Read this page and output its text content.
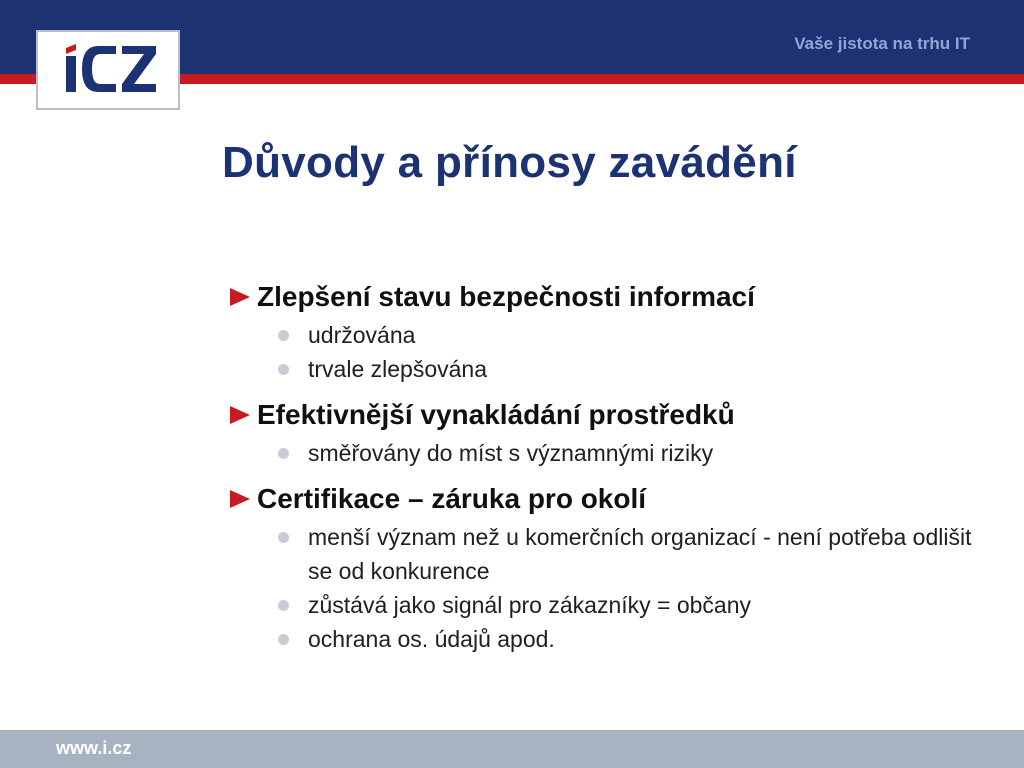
Vaše jistota na trhu IT
Důvody a přínosy zavádění
Zlepšení stavu bezpečnosti informací
udržována
trvale zlepšována
Efektivnější vynakládání prostředků
směřovány do míst s významnými riziky
Certifikace – záruka pro okolí
menší význam než u komerčních organizací - není potřeba odlišit se od konkurence
zůstává jako signál pro zákazníky = občany
ochrana os. údajů apod.
www.i.cz
